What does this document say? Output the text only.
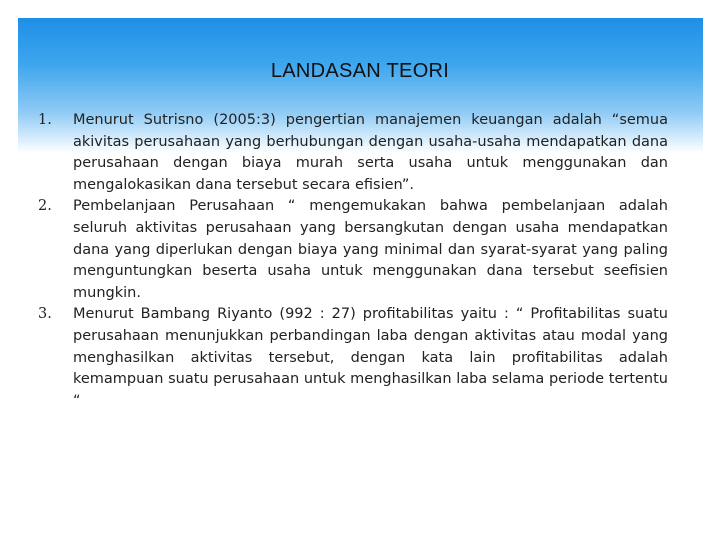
LANDASAN TEORI
1. Menurut Sutrisno (2005:3) pengertian manajemen keuangan adalah “semua akivitas perusahaan yang berhubungan dengan usaha-usaha mendapatkan dana perusahaan dengan biaya murah serta usaha untuk menggunakan dan mengalokasikan dana tersebut secara efisien”.
2. Pembelanjaan Perusahaan “ mengemukakan bahwa pembelanjaan adalah seluruh aktivitas perusahaan yang bersangkutan dengan usaha mendapatkan dana yang diperlukan dengan biaya yang minimal dan syarat-syarat yang paling menguntungkan beserta usaha untuk menggunakan dana tersebut seefisien mungkin.
3. Menurut Bambang Riyanto (992 : 27) profitabilitas yaitu : “ Profitabilitas suatu perusahaan menunjukkan perbandingan laba dengan aktivitas atau modal yang menghasilkan aktivitas tersebut, dengan kata lain profitabilitas adalah kemampuan suatu perusahaan untuk menghasilkan laba selama periode tertentu “
